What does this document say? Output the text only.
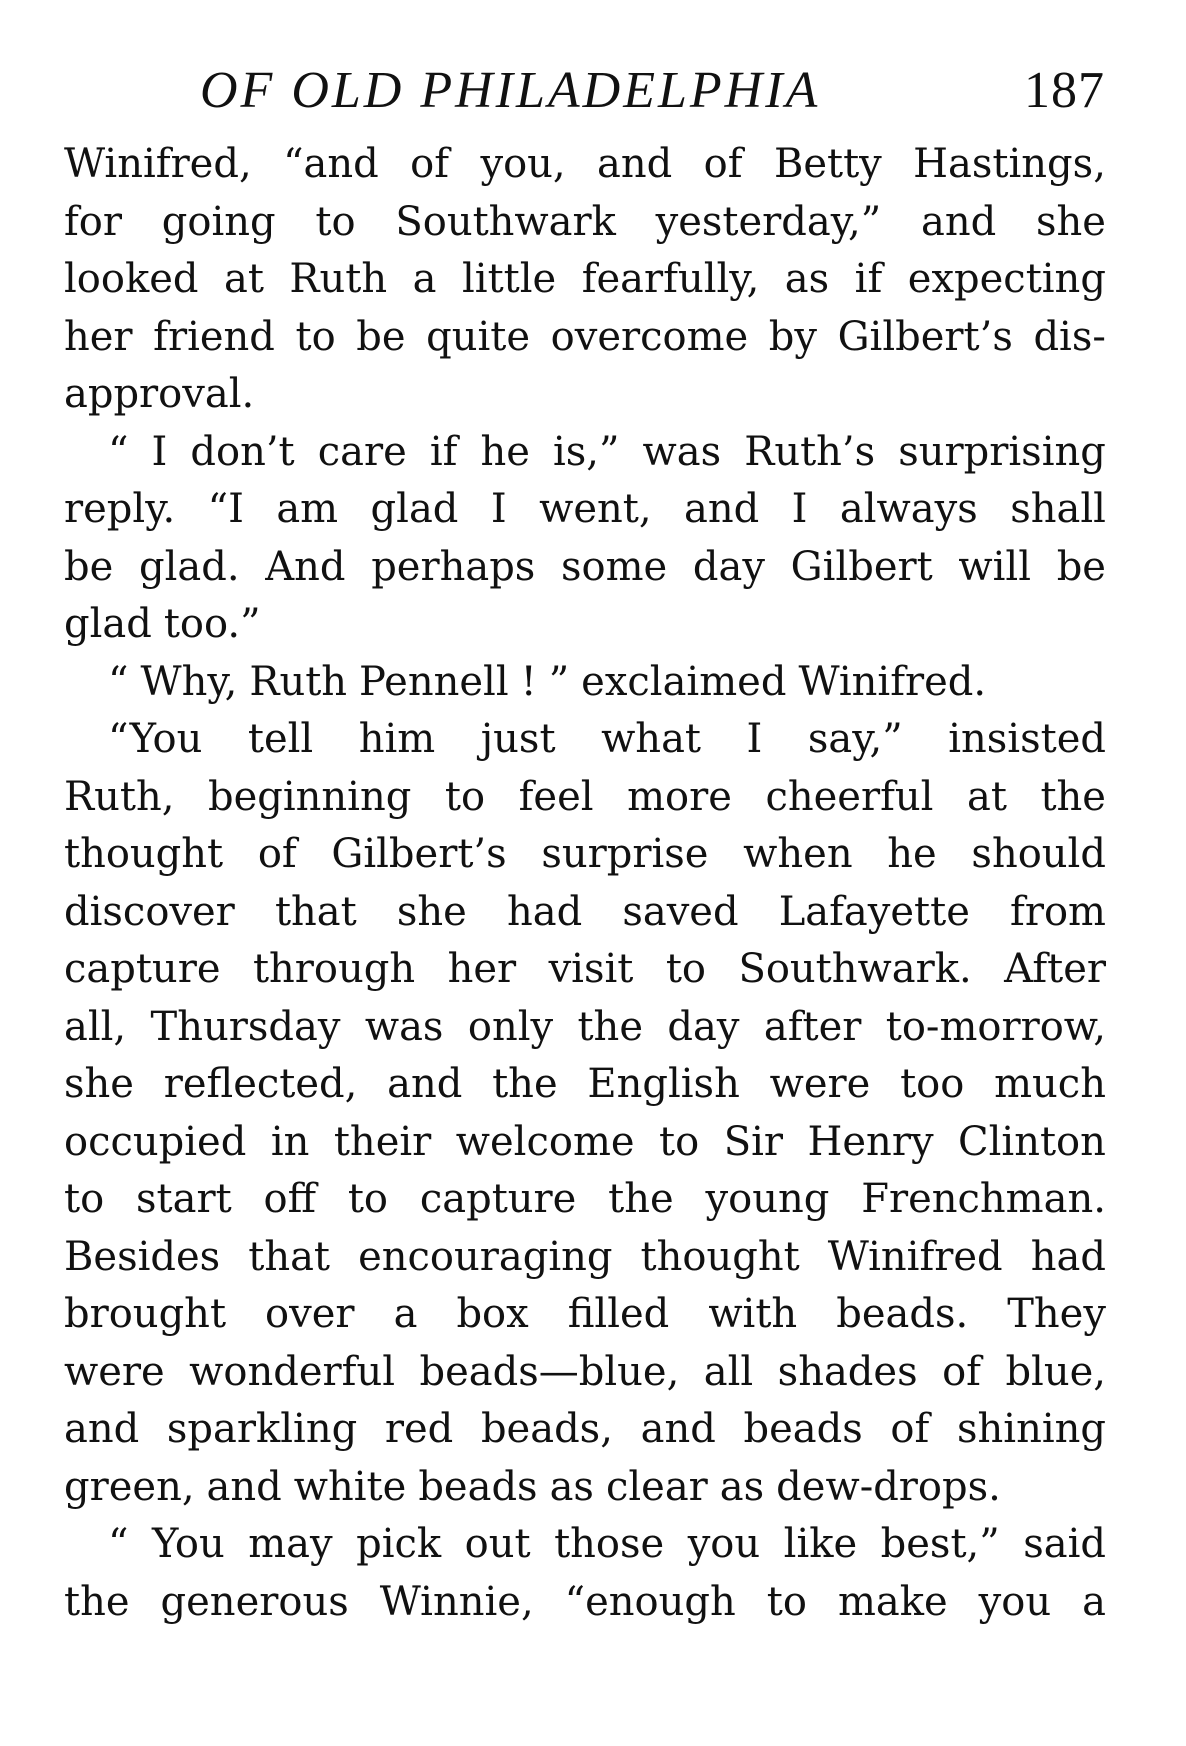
OF OLD PHILADELPHIA	187
Winifred, “and of you, and of Betty Hastings,
for going to Southwark yesterday,” and she
looked at Ruth a little fearfully, as if expecting
her friend to be quite overcome by Gilbert’s dis-
approval.
“ I don’t care if he is,” was Ruth’s surprising
reply. “I am glad I went, and I always shall
be glad. And perhaps some day Gilbert will be
glad too.”
“ Why, Ruth Pennell ! ” exclaimed Winifred.
“You tell him just what I say,” insisted
Ruth, beginning to feel more cheerful at the
thought of Gilbert’s surprise when he should
discover that she had saved Lafayette from
capture through her visit to Southwark. After
all, Thursday was only the day after to-morrow,
she reflected, and the English were too much
occupied in their welcome to Sir Henry Clinton
to start off to capture the young Frenchman.
Besides that encouraging thought Winifred had
brought over a box filled with beads. They
were wonderful beads—blue, all shades of blue,
and sparkling red beads, and beads of shining
green, and white beads as clear as dew-drops.
“ You may pick out those you like best,” said
the generous Winnie, “enough to make you a
